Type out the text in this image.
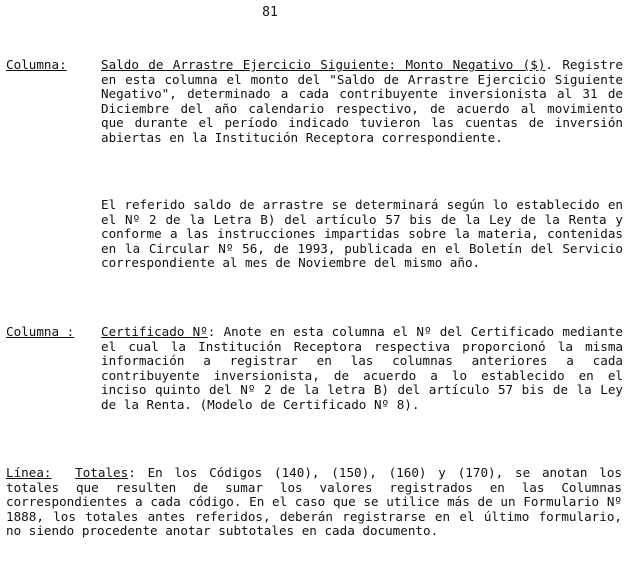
81
Columna:	Saldo de Arrastre Ejercicio Siguiente: Monto Negativo ($). Registre en esta columna el monto del "Saldo de Arrastre Ejercicio Siguiente Negativo", determinado a cada contribuyente inversionista al 31 de Diciembre del año calendario respectivo, de acuerdo al movimiento que durante el período indicado tuvieron las cuentas de inversión abiertas en la Institución Receptora correspondiente.

El referido saldo de arrastre se determinará según lo establecido en el Nº 2 de la Letra B) del artículo 57 bis de la Ley de la Renta y conforme a las instrucciones impartidas sobre la materia, contenidas en la Circular Nº 56, de 1993, publicada en el Boletín del Servicio correspondiente al mes de Noviembre del mismo año.

Columna : Certificado Nº: Anote en esta columna el Nº del Certificado mediante el cual la Institución Receptora respectiva proporcionó la misma información a registrar en las columnas anteriores a cada contribuyente inversionista, de acuerdo a lo establecido en el inciso quinto del Nº 2 de la letra B) del artículo 57 bis de la Ley de la Renta. (Modelo de Certificado Nº 8).

Línea: Totales: En los Códigos (140), (150), (160) y (170), se anotan los totales que resulten de sumar los valores registrados en las Columnas correspondientes a cada código. En el caso que se utilice más de un Formulario Nº 1888, los totales antes referidos, deberán registrarse en el último formulario, no siendo procedente anotar subtotales en cada documento.
